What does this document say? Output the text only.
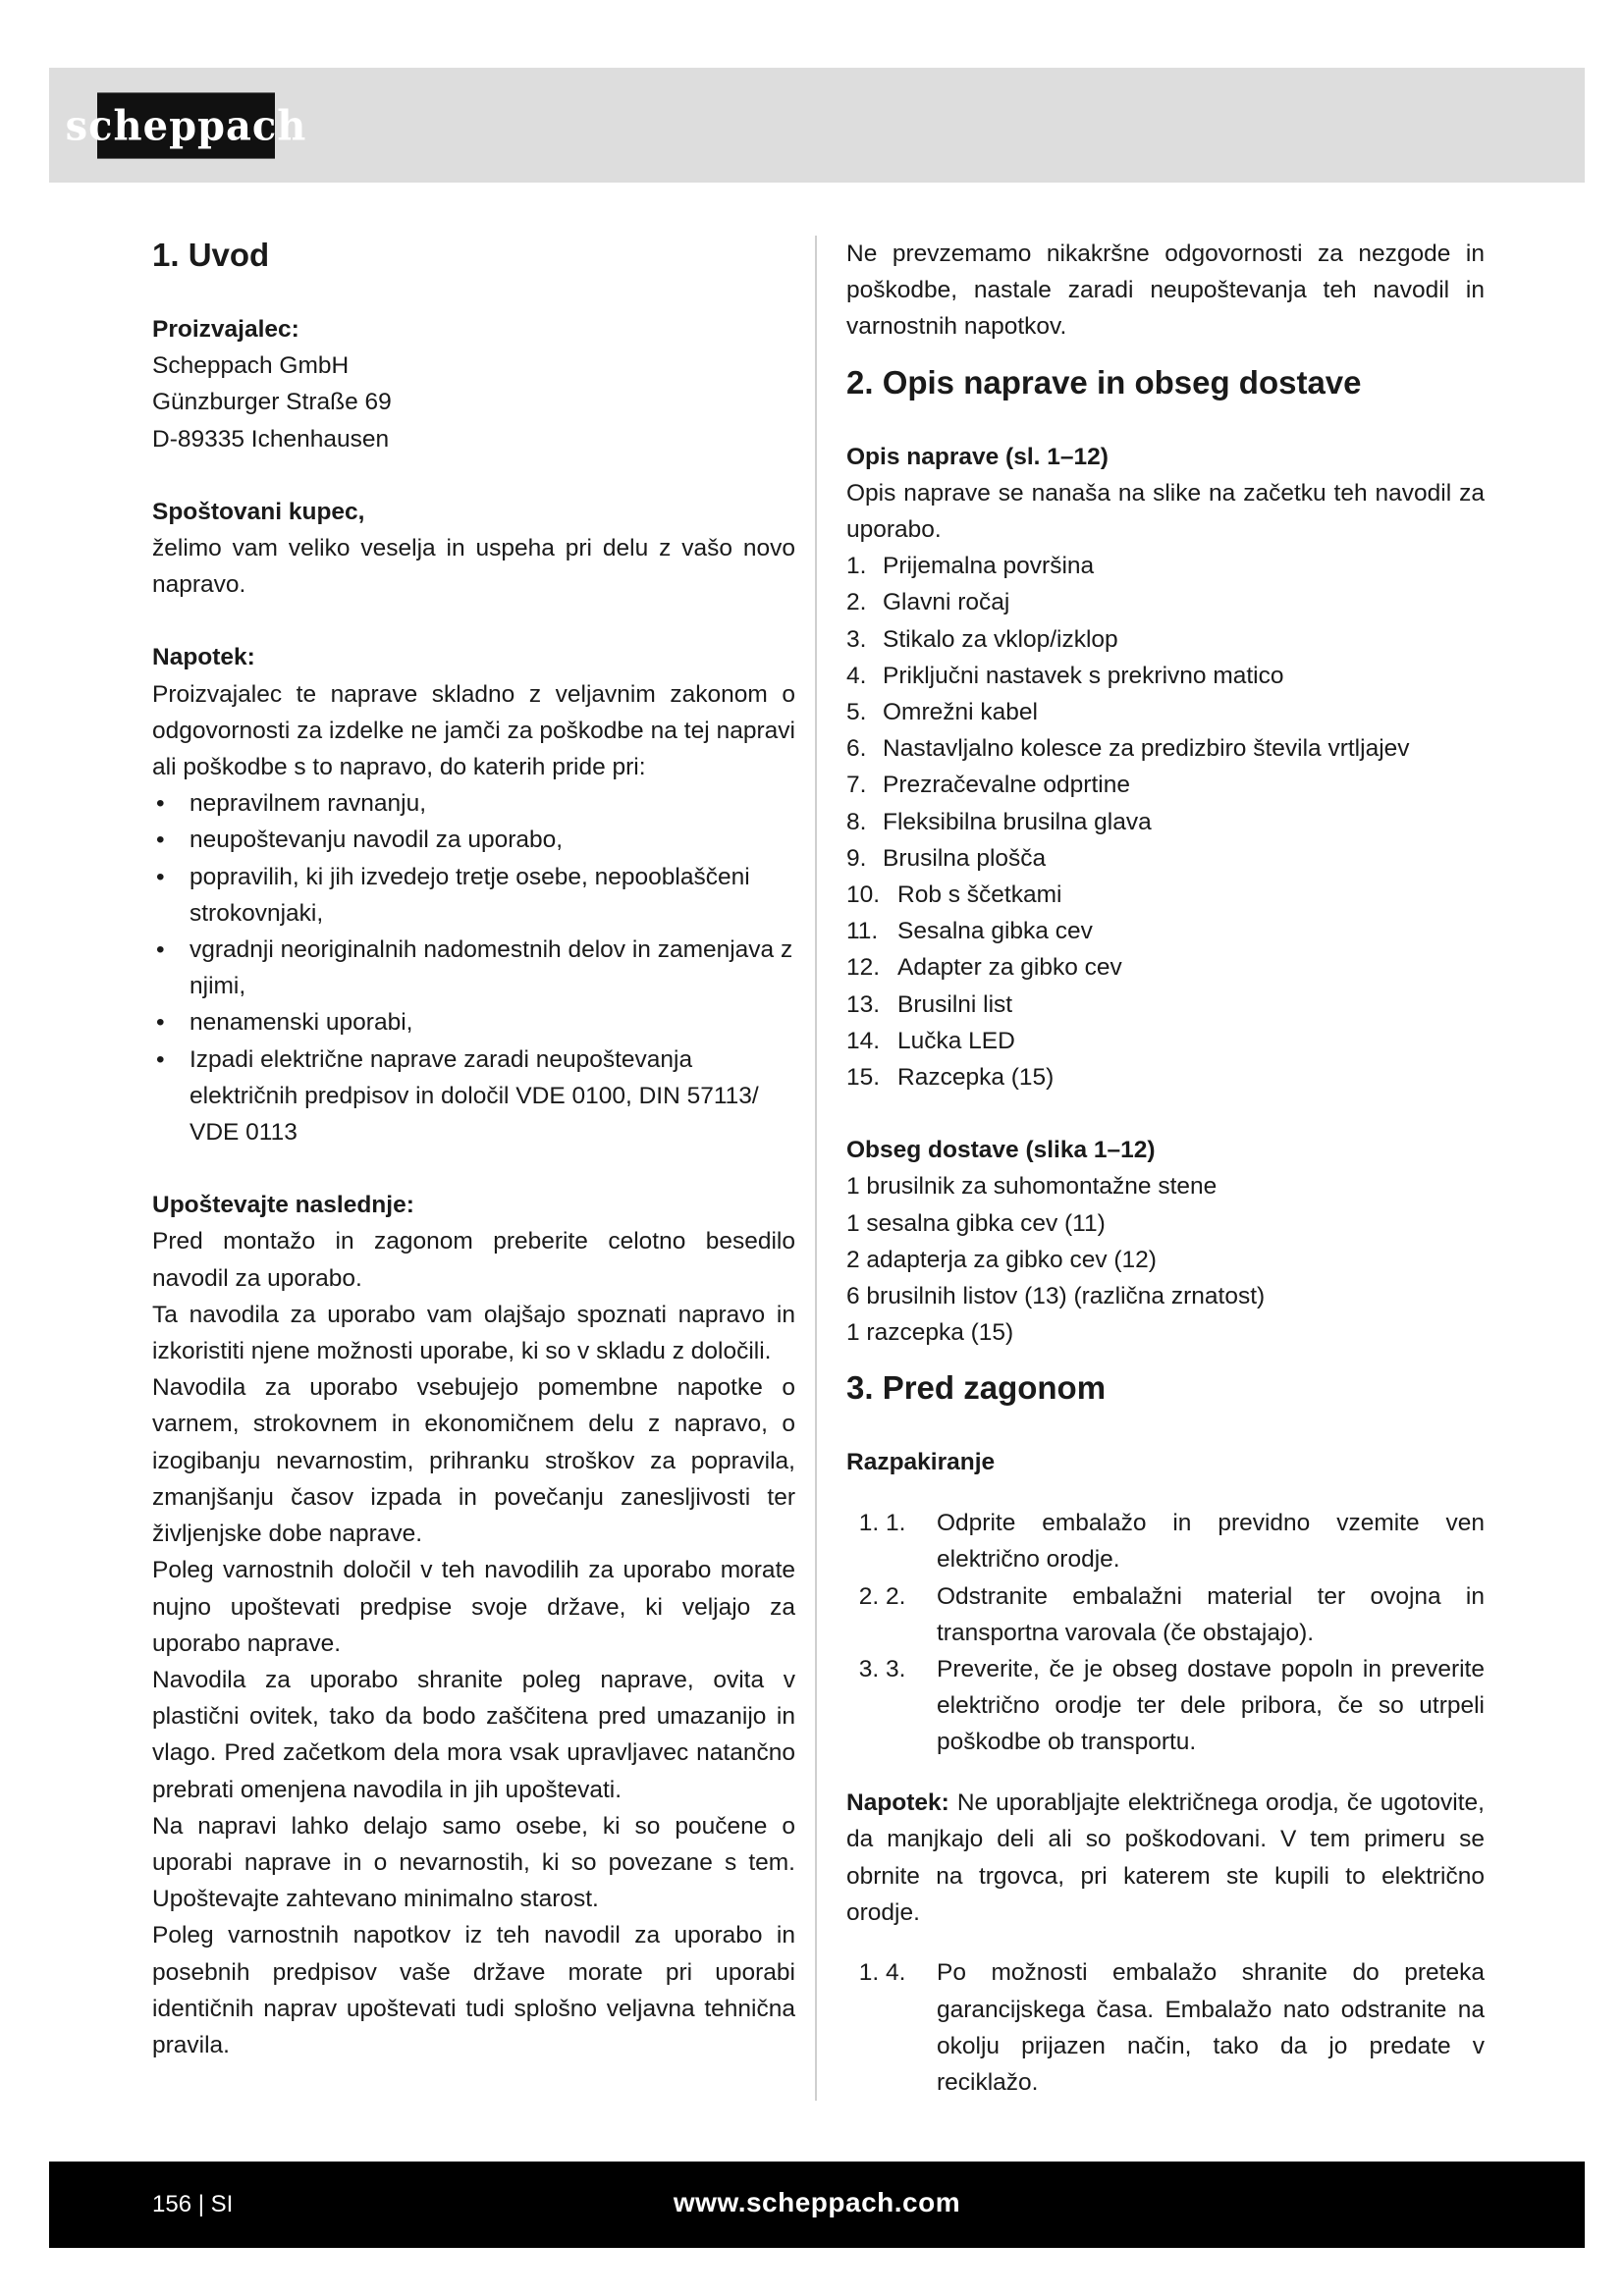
scheppach
1. Uvod
Proizvajalec:

Scheppach GmbH

Günzburger Straße 69

D-89335 Ichenhausen

Spoštovani kupec,

želimo vam veliko veselja in uspeha pri delu z vašo novo napravo.

Napotek:

Proizvajalec te naprave skladno z veljavnim zakonom o odgovornosti za izdelke ne jamči za poškodbe na tej napravi ali poškodbe s to napravo, do katerih pride pri:

• nepravilnem ravnanju,
• neupoštevanju navodil za uporabo,
• popravilih, ki jih izvedejo tretje osebe, nepooblaščeni strokovnjaki,
• vgradnji neoriginalnih nadomestnih delov in zamenjava z njimi,
• nenamenski uporabi,
• Izpadi električne naprave zaradi neupoštevanja električnih predpisov in določil VDE 0100, DIN 57113/ VDE 0113
Upoštevajte naslednje:

Pred montažo in zagonom preberite celotno besedilo navodil za uporabo.

Ta navodila za uporabo vam olajšajo spoznati napravo in izkoristiti njene možnosti uporabe, ki so v skladu z določili.

Navodila za uporabo vsebujejo pomembne napotke o varnem, strokovnem in ekonomičnem delu z napravo, o izogibanju nevarnostim, prihranku stroškov za popravila, zmanjšanju časov izpada in povečanju zanesljivosti ter življenjske dobe naprave.

Poleg varnostnih določil v teh navodilih za uporabo morate nujno upoštevati predpise svoje države, ki veljajo za uporabo naprave.

Navodila za uporabo shranite poleg naprave, ovita v plastični ovitek, tako da bodo zaščitena pred umazanijo in vlago. Pred začetkom dela mora vsak upravljavec natančno prebrati omenjena navodila in jih upoštevati.

Na napravi lahko delajo samo osebe, ki so poučene o uporabi naprave in o nevarnostih, ki so povezane s tem. Upoštevajte zahtevano minimalno starost.

Poleg varnostnih napotkov iz teh navodil za uporabo in posebnih predpisov vaše države morate pri uporabi identičnih naprav upoštevati tudi splošno veljavna tehnična pravila.

Ne prevzemamo nikakršne odgovornosti za nezgode in poškodbe, nastale zaradi neupoštevanja teh navodil in varnostnih napotkov.

2. Opis naprave in obseg dostave
Opis naprave (sl. 1–12)

Opis naprave se nanaša na slike na začetku teh navodil za uporabo.

1. Prijemalna površina
2. Glavni ročaj
3. Stikalo za vklop/izklop
4. Priključni nastavek s prekrivno matico
5. Omrežni kabel
6. Nastavljalno kolesce za predizbiro števila vrtljajev
7. Prezračevalne odprtine
8. Fleksibilna brusilna glava
9. Brusilna plošča
10. Rob s ščetkami
11. Sesalna gibka cev
12. Adapter za gibko cev
13. Brusilni list
14. Lučka LED
15. Razcepka (15)
Obseg dostave (slika 1–12)

1 brusilnik za suhomontažne stene

1 sesalna gibka cev (11)

2 adapterja za gibko cev (12)

6 brusilnih listov (13) (različna zrnatost)

1 razcepka (15)

3. Pred zagonom
Razpakiranje
1. 1. Odprite embalažo in previdno vzemite ven električno orodje.
2. 2. Odstranite embalažni material ter ovojna in transportna varovala (če obstajajo).
3. 3. Preverite, če je obseg dostave popoln in preverite električno orodje ter dele pribora, če so utrpeli poškodbe ob transportu.

Napotek: Ne uporabljajte električnega orodja, če ugotovite, da manjkajo deli ali so poškodovani. V tem primeru se obrnite na trgovca, pri katerem ste kupili to električno orodje.

1. 4. Po možnosti embalažo shranite do preteka garancijskega časa. Embalažo nato odstranite na okolju prijazen način, tako da jo predate v reciklažo.
www.scheppach.com
156 | SI
